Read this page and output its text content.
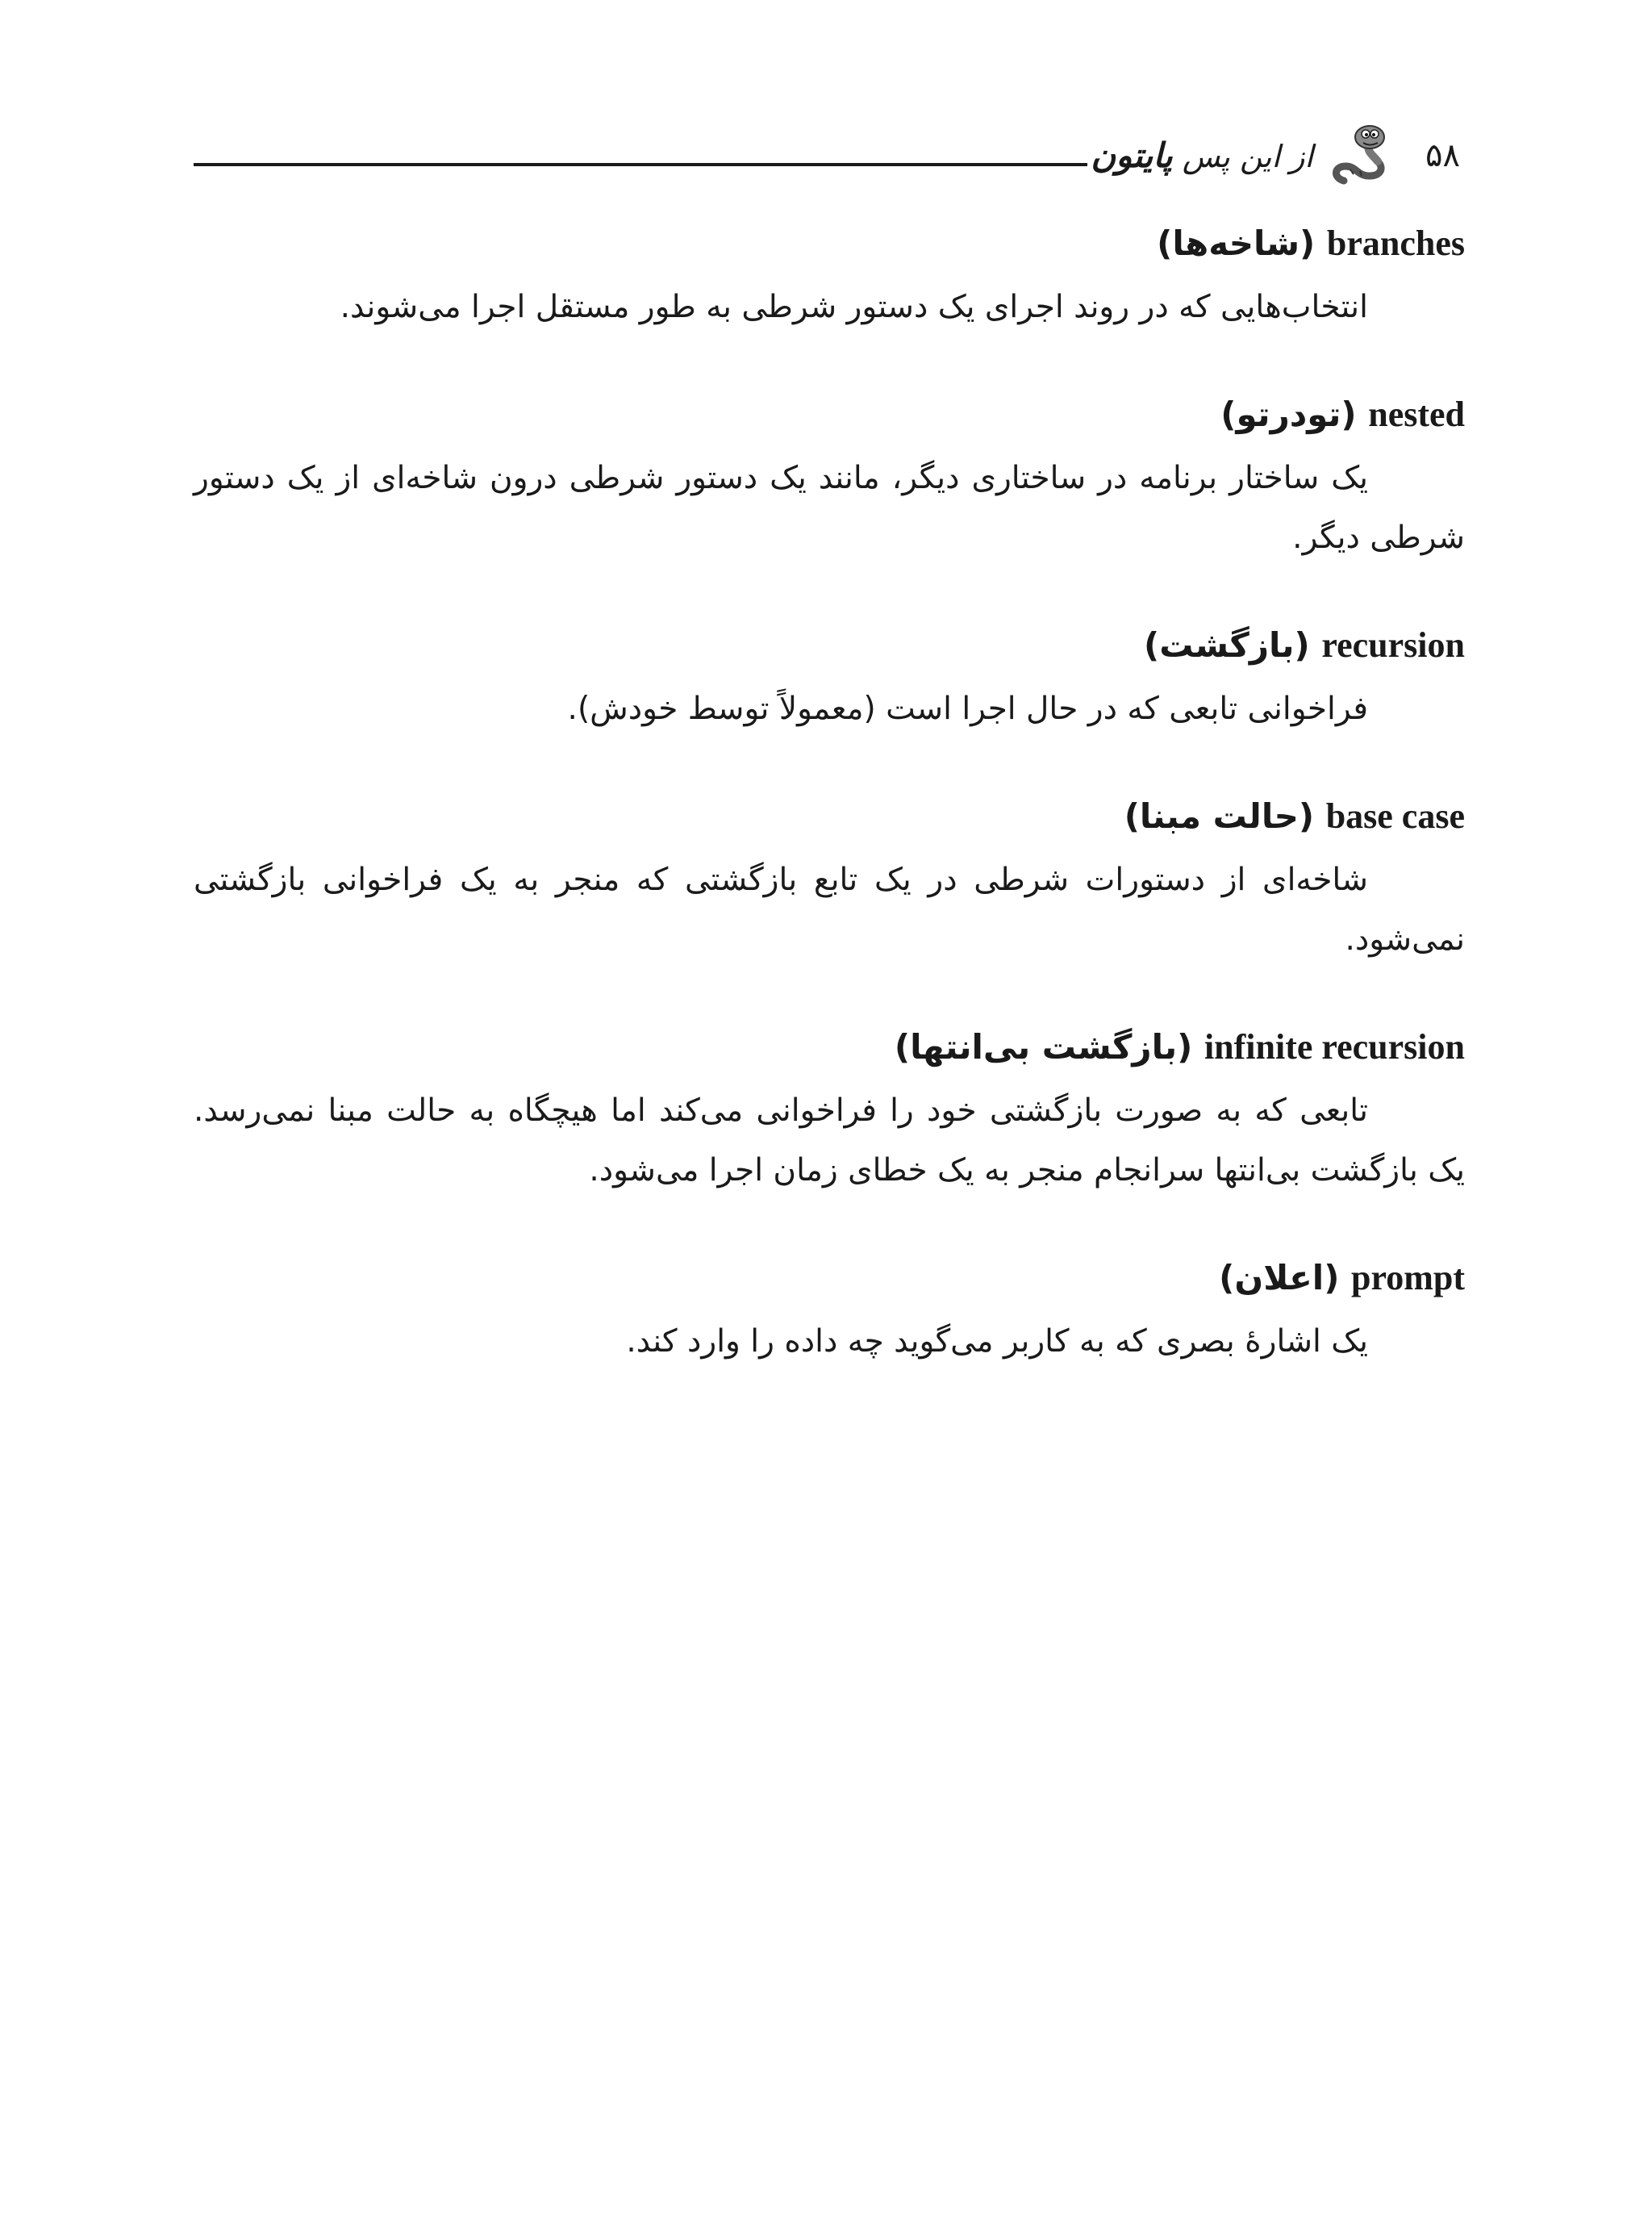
از این پس پایتون	۵۸
branches (شاخه‌ها)
انتخاب‌هایی که در روند اجرای یک دستور شرطی به طور مستقل اجرا می‌شوند.
nested (تودرتو)
یک ساختار برنامه در ساختاری دیگر، مانند یک دستور شرطی درون شاخه‌ای از یک دستور شرطی دیگر.
recursion (بازگشت)
فراخوانی تابعی که در حال اجرا است (معمولاً توسط خودش).
base case (حالت مبنا)
شاخه‌ای از دستورات شرطی در یک تابع بازگشتی که منجر به یک فراخوانی بازگشتی نمی‌شود.
infinite recursion (بازگشت بی‌انتها)
تابعی که به صورت بازگشتی خود را فراخوانی می‌کند اما هیچگاه به حالت مبنا نمی‌رسد. یک بازگشت بی‌انتها سرانجام منجر به یک خطای زمان اجرا می‌شود.
prompt (اعلان)
یک اشارهٔ بصری که به کاربر می‌گوید چه داده را وارد کند.
